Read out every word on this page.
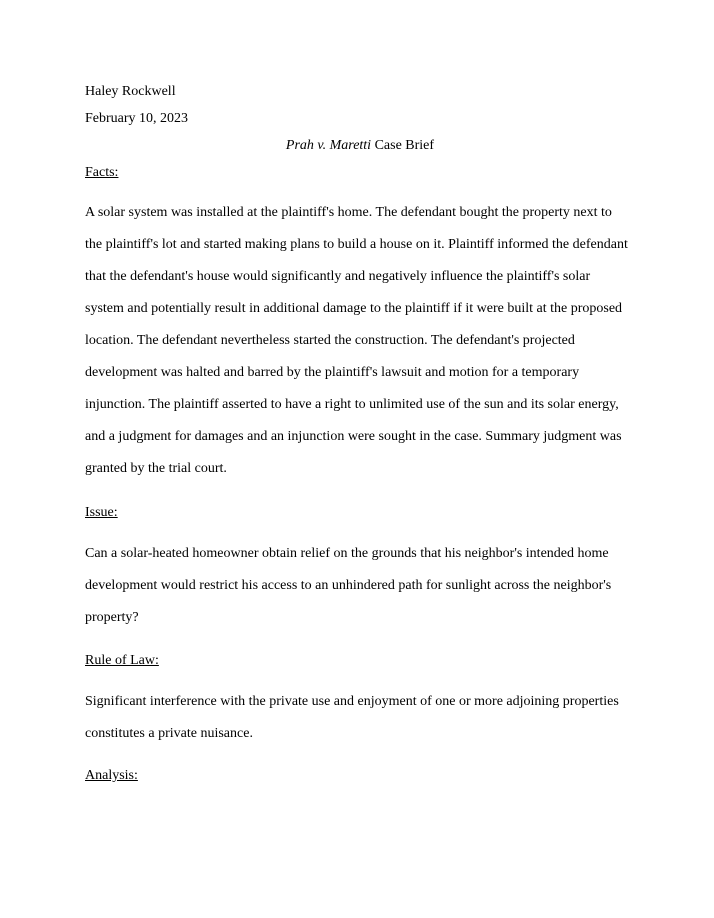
Haley Rockwell

February 10, 2023

Prah v. Maretti Case Brief

Facts:

A solar system was installed at the plaintiff's home. The defendant bought the property next to
the plaintiff's lot and started making plans to build a house on it. Plaintiff informed the defendant
that the defendant's house would significantly and negatively influence the plaintiff's solar
system and potentially result in additional damage to the plaintiff if it were built at the proposed
location. The defendant nevertheless started the construction. The defendant's projected
development was halted and barred by the plaintiff's lawsuit and motion for a temporary
injunction. The plaintiff asserted to have a right to unlimited use of the sun and its solar energy,
and a judgment for damages and an injunction were sought in the case. Summary judgment was
granted by the trial court.

Issue:

Can a solar-heated homeowner obtain relief on the grounds that his neighbor's intended home
development would restrict his access to an unhindered path for sunlight across the neighbor's
property?

Rule of Law:

Significant interference with the private use and enjoyment of one or more adjoining properties
constitutes a private nuisance.

Analysis:
